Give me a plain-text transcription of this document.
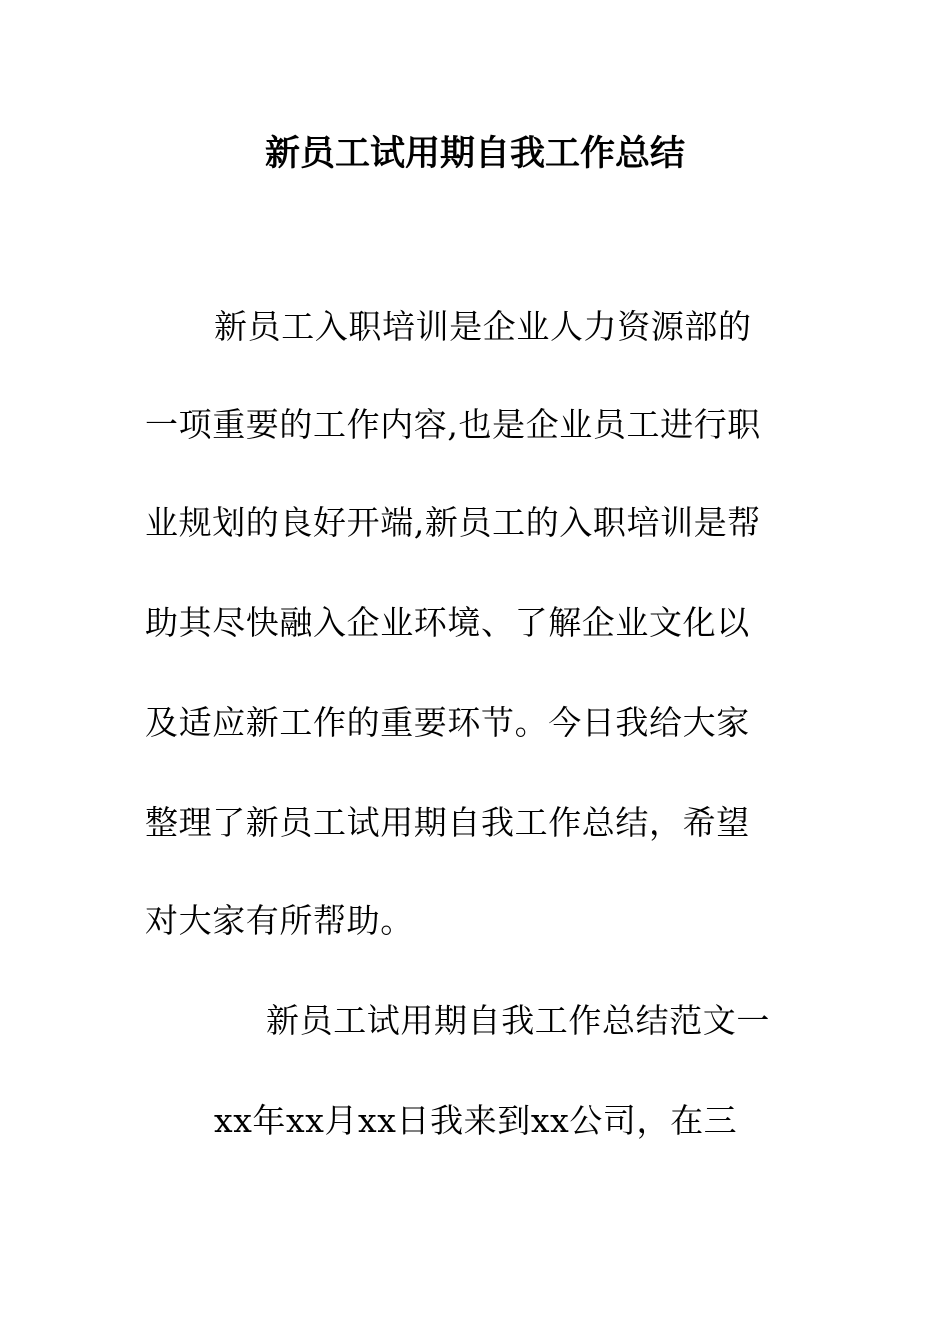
新员工试用期自我工作总结
新员工入职培训是企业人力资源部的
一项重要的工作内容,也是企业员工进行职
业规划的良好开端,新员工的入职培训是帮
助其尽快融入企业环境、了解企业文化以
及适应新工作的重要环节。今日我给大家
整理了新员工试用期自我工作总结，希望
对大家有所帮助。
新员工试用期自我工作总结范文一
xx年xx月xx日我来到xx公司，在三
